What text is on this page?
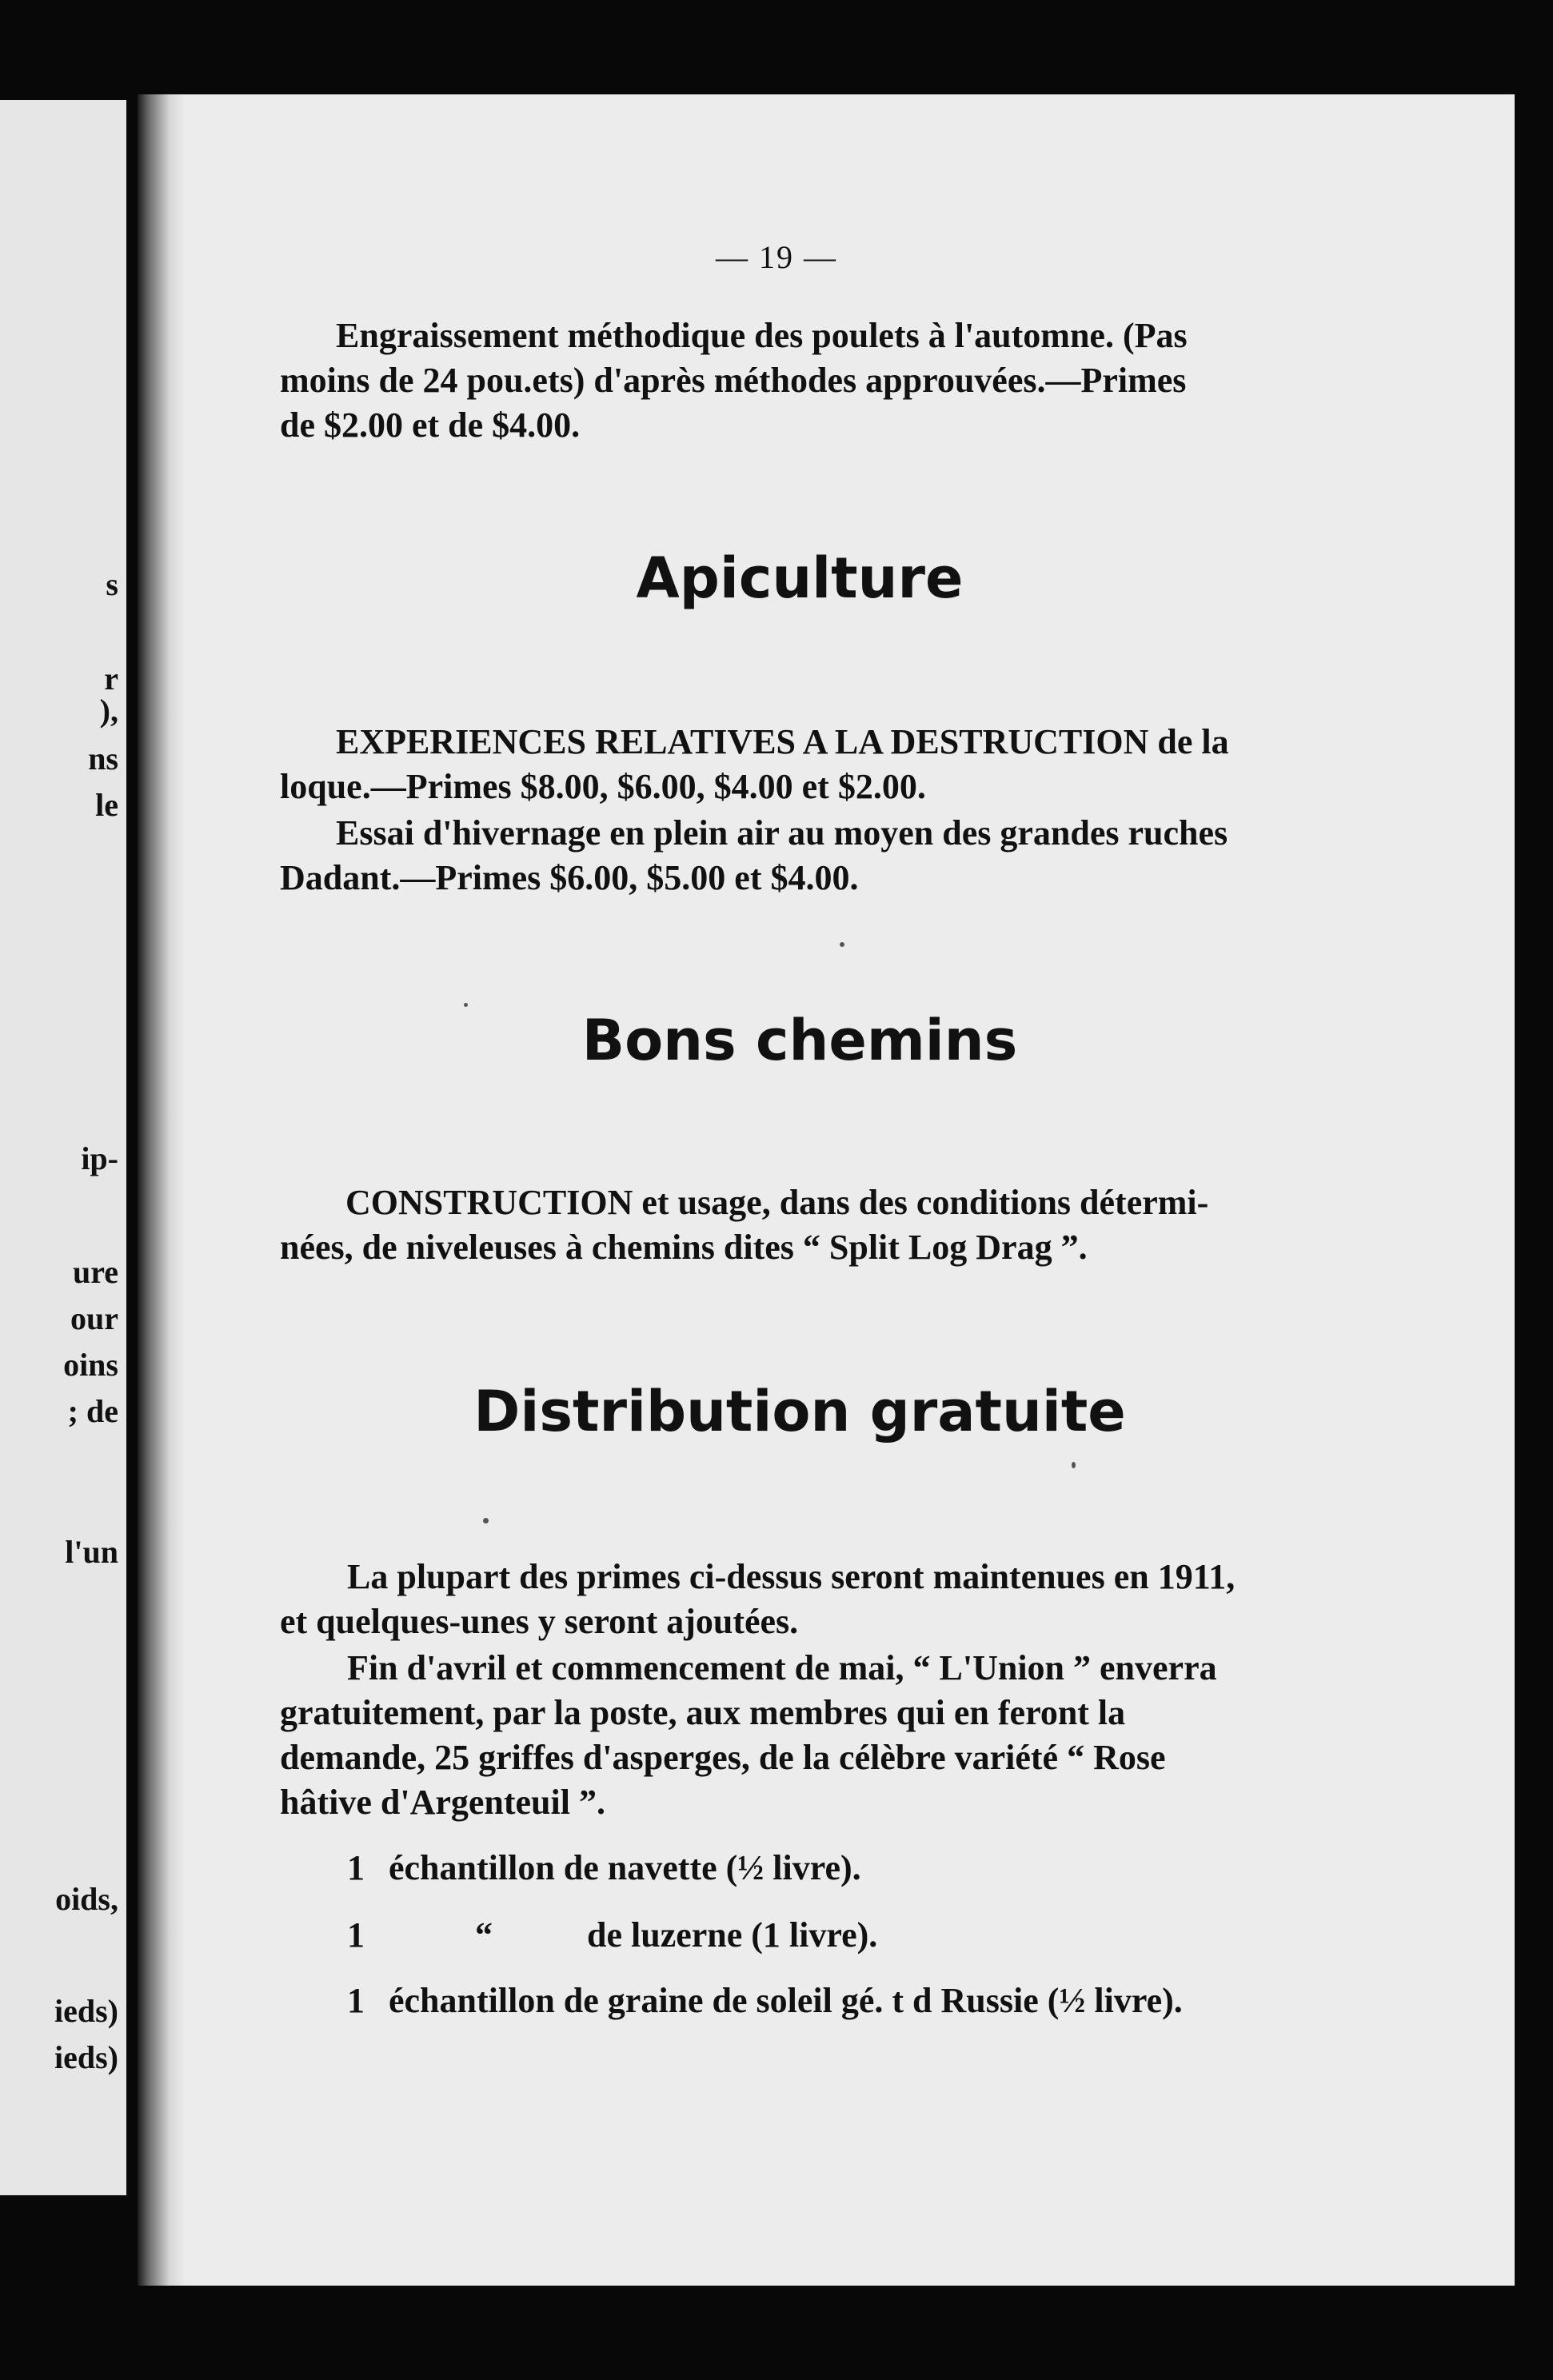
s
r
),
ns
le
ip-
ure
our
oins
; de
l'un
oids,
ieds)
ieds)
— 19 —

Engraissement méthodique des poulets à l'automne. (Pas
moins de 24 pou.ets) d'après méthodes approuvées.—Primes
de $2.00 et de $4.00.

Apiculture

EXPERIENCES RELATIVES A LA DESTRUCTION de la
loque.—Primes $8.00, $6.00, $4.00 et $2.00.

Essai d'hivernage en plein air au moyen des grandes ruches
Dadant.—Primes $6.00, $5.00 et $4.00.

Bons chemins

CONSTRUCTION et usage, dans des conditions détermi-
nées, de niveleuses à chemins dites “ Split Log Drag ”.

Distribution gratuite

La plupart des primes ci-dessus seront maintenues en 1911,
et quelques-unes y seront ajoutées.

Fin d'avril et commencement de mai, “ L'Union ” enverra
gratuitement, par la poste, aux membres qui en feront la
demande, 25 griffes d'asperges, de la célèbre variété “ Rose
hâtive d'Argenteuil ”.

1 échantillon de navette (½ livre).

1	“	de luzerne (1 livre).

1 échantillon de graine de soleil gé. t d Russie (½ livre).
